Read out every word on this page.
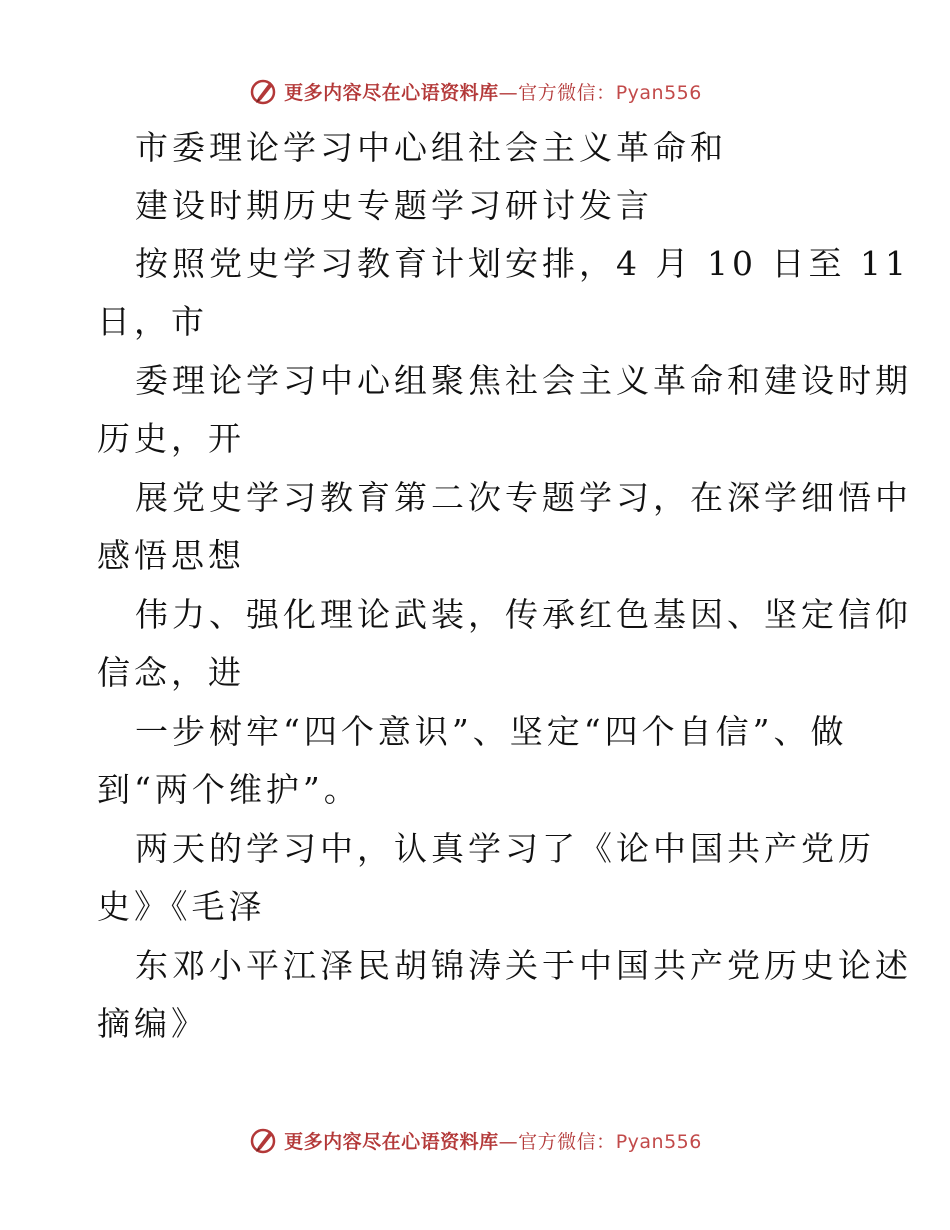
更多内容尽在心语资料库—官方微信：Pyan556
市委理论学习中心组社会主义革命和
建设时期历史专题学习研讨发言
按照党史学习教育计划安排，4 月 10 日至 11
日，市
委理论学习中心组聚焦社会主义革命和建设时期
历史，开
展党史学习教育第二次专题学习，在深学细悟中
感悟思想
伟力、强化理论武装，传承红色基因、坚定信仰
信念，进
一步树牢“四个意识”、坚定“四个自信”、做
到“两个维护”。
两天的学习中，认真学习了《论中国共产党历
史》《毛泽
东邓小平江泽民胡锦涛关于中国共产党历史论述
摘编》
更多内容尽在心语资料库—官方微信：Pyan556
